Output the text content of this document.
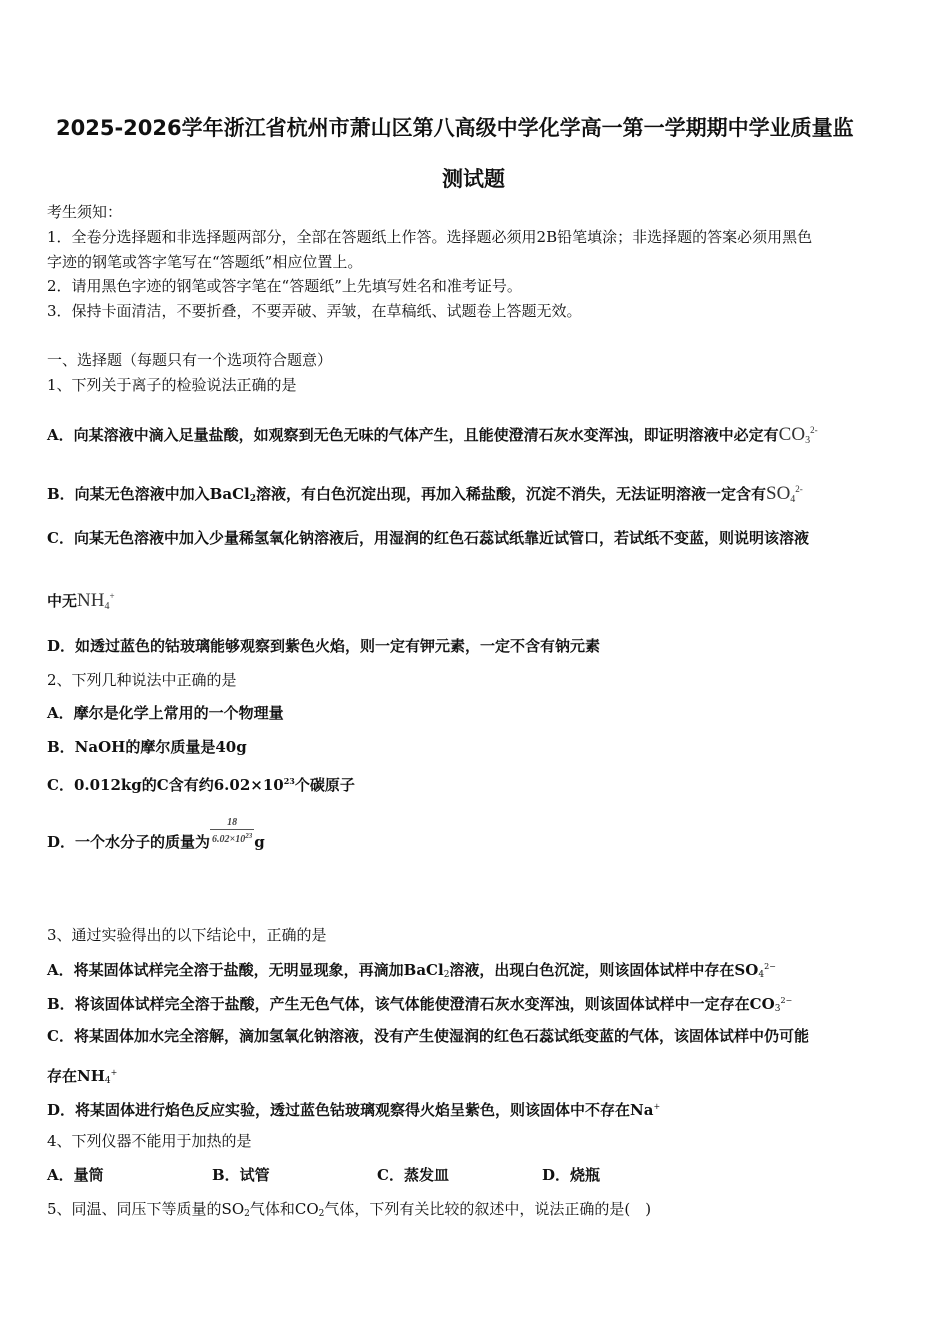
2025-2026学年浙江省杭州市萧山区第八高级中学化学高一第一学期期中学业质量监
测试题
考生须知：
1．全卷分选择题和非选择题两部分，全部在答题纸上作答。选择题必须用2B铅笔填涂；非选择题的答案必须用黑色
字迹的钢笔或答字笔写在“答题纸”相应位置上。
2．请用黑色字迹的钢笔或答字笔在“答题纸”上先填写姓名和准考证号。
3．保持卡面清洁，不要折叠，不要弄破、弄皱，在草稿纸、试题卷上答题无效。
一、选择题（每题只有一个选项符合题意）
1、下列关于离子的检验说法正确的是
A．向某溶液中滴入足量盐酸，如观察到无色无味的气体产生，且能使澄清石灰水变浑浊，即证明溶液中必定有$CO_3^{2-}$
B．向某无色溶液中加入BaCl$_2$溶液，有白色沉淀出现，再加入稀盐酸，沉淀不消失，无法证明溶液一定含有$SO_4^{2-}$
C．向某无色溶液中加入少量稀氢氧化钠溶液后，用湿润的红色石蕊试纸靠近试管口，若试纸不变蓝，则说明该溶液
中无$NH_4^+$
D．如透过蓝色的钴玻璃能够观察到紫色火焰，则一定有钾元素，一定不含有钠元素
2、下列几种说法中正确的是
A．摩尔是化学上常用的一个物理量
B．NaOH的摩尔质量是40g
C．0.012kg的C含有约$6.02\times 10^{23}$个碳原子
D．一个水分子的质量为 $\frac{18}{6.02\times 10^{23}}$ g
3、通过实验得出的以下结论中，正确的是
A．将某固体试样完全溶于盐酸，无明显现象，再滴加BaCl$_2$溶液，出现白色沉淀，则该固体试样中存在$SO_4^{2-}$
B．将该固体试样完全溶于盐酸，产生无色气体，该气体能使澄清石灰水变浑浊，则该固体试样中一定存在$CO_3^{2-}$
C．将某固体加水完全溶解，滴加氢氧化钠溶液，没有产生使湿润的红色石蕊试纸变蓝的气体，该固体试样中仍可能
存在$NH_4^+$
D．将某固体进行焰色反应实验，透过蓝色钴玻璃观察得火焰呈紫色，则该固体中不存在Na+
4、下列仪器不能用于加热的是
A．量筒	B．试管	C．蒸发皿	D．烧瓶
5、同温、同压下等质量的$SO_2$气体和$CO_2$气体，下列有关比较的叙述中，说法正确的是(　)
